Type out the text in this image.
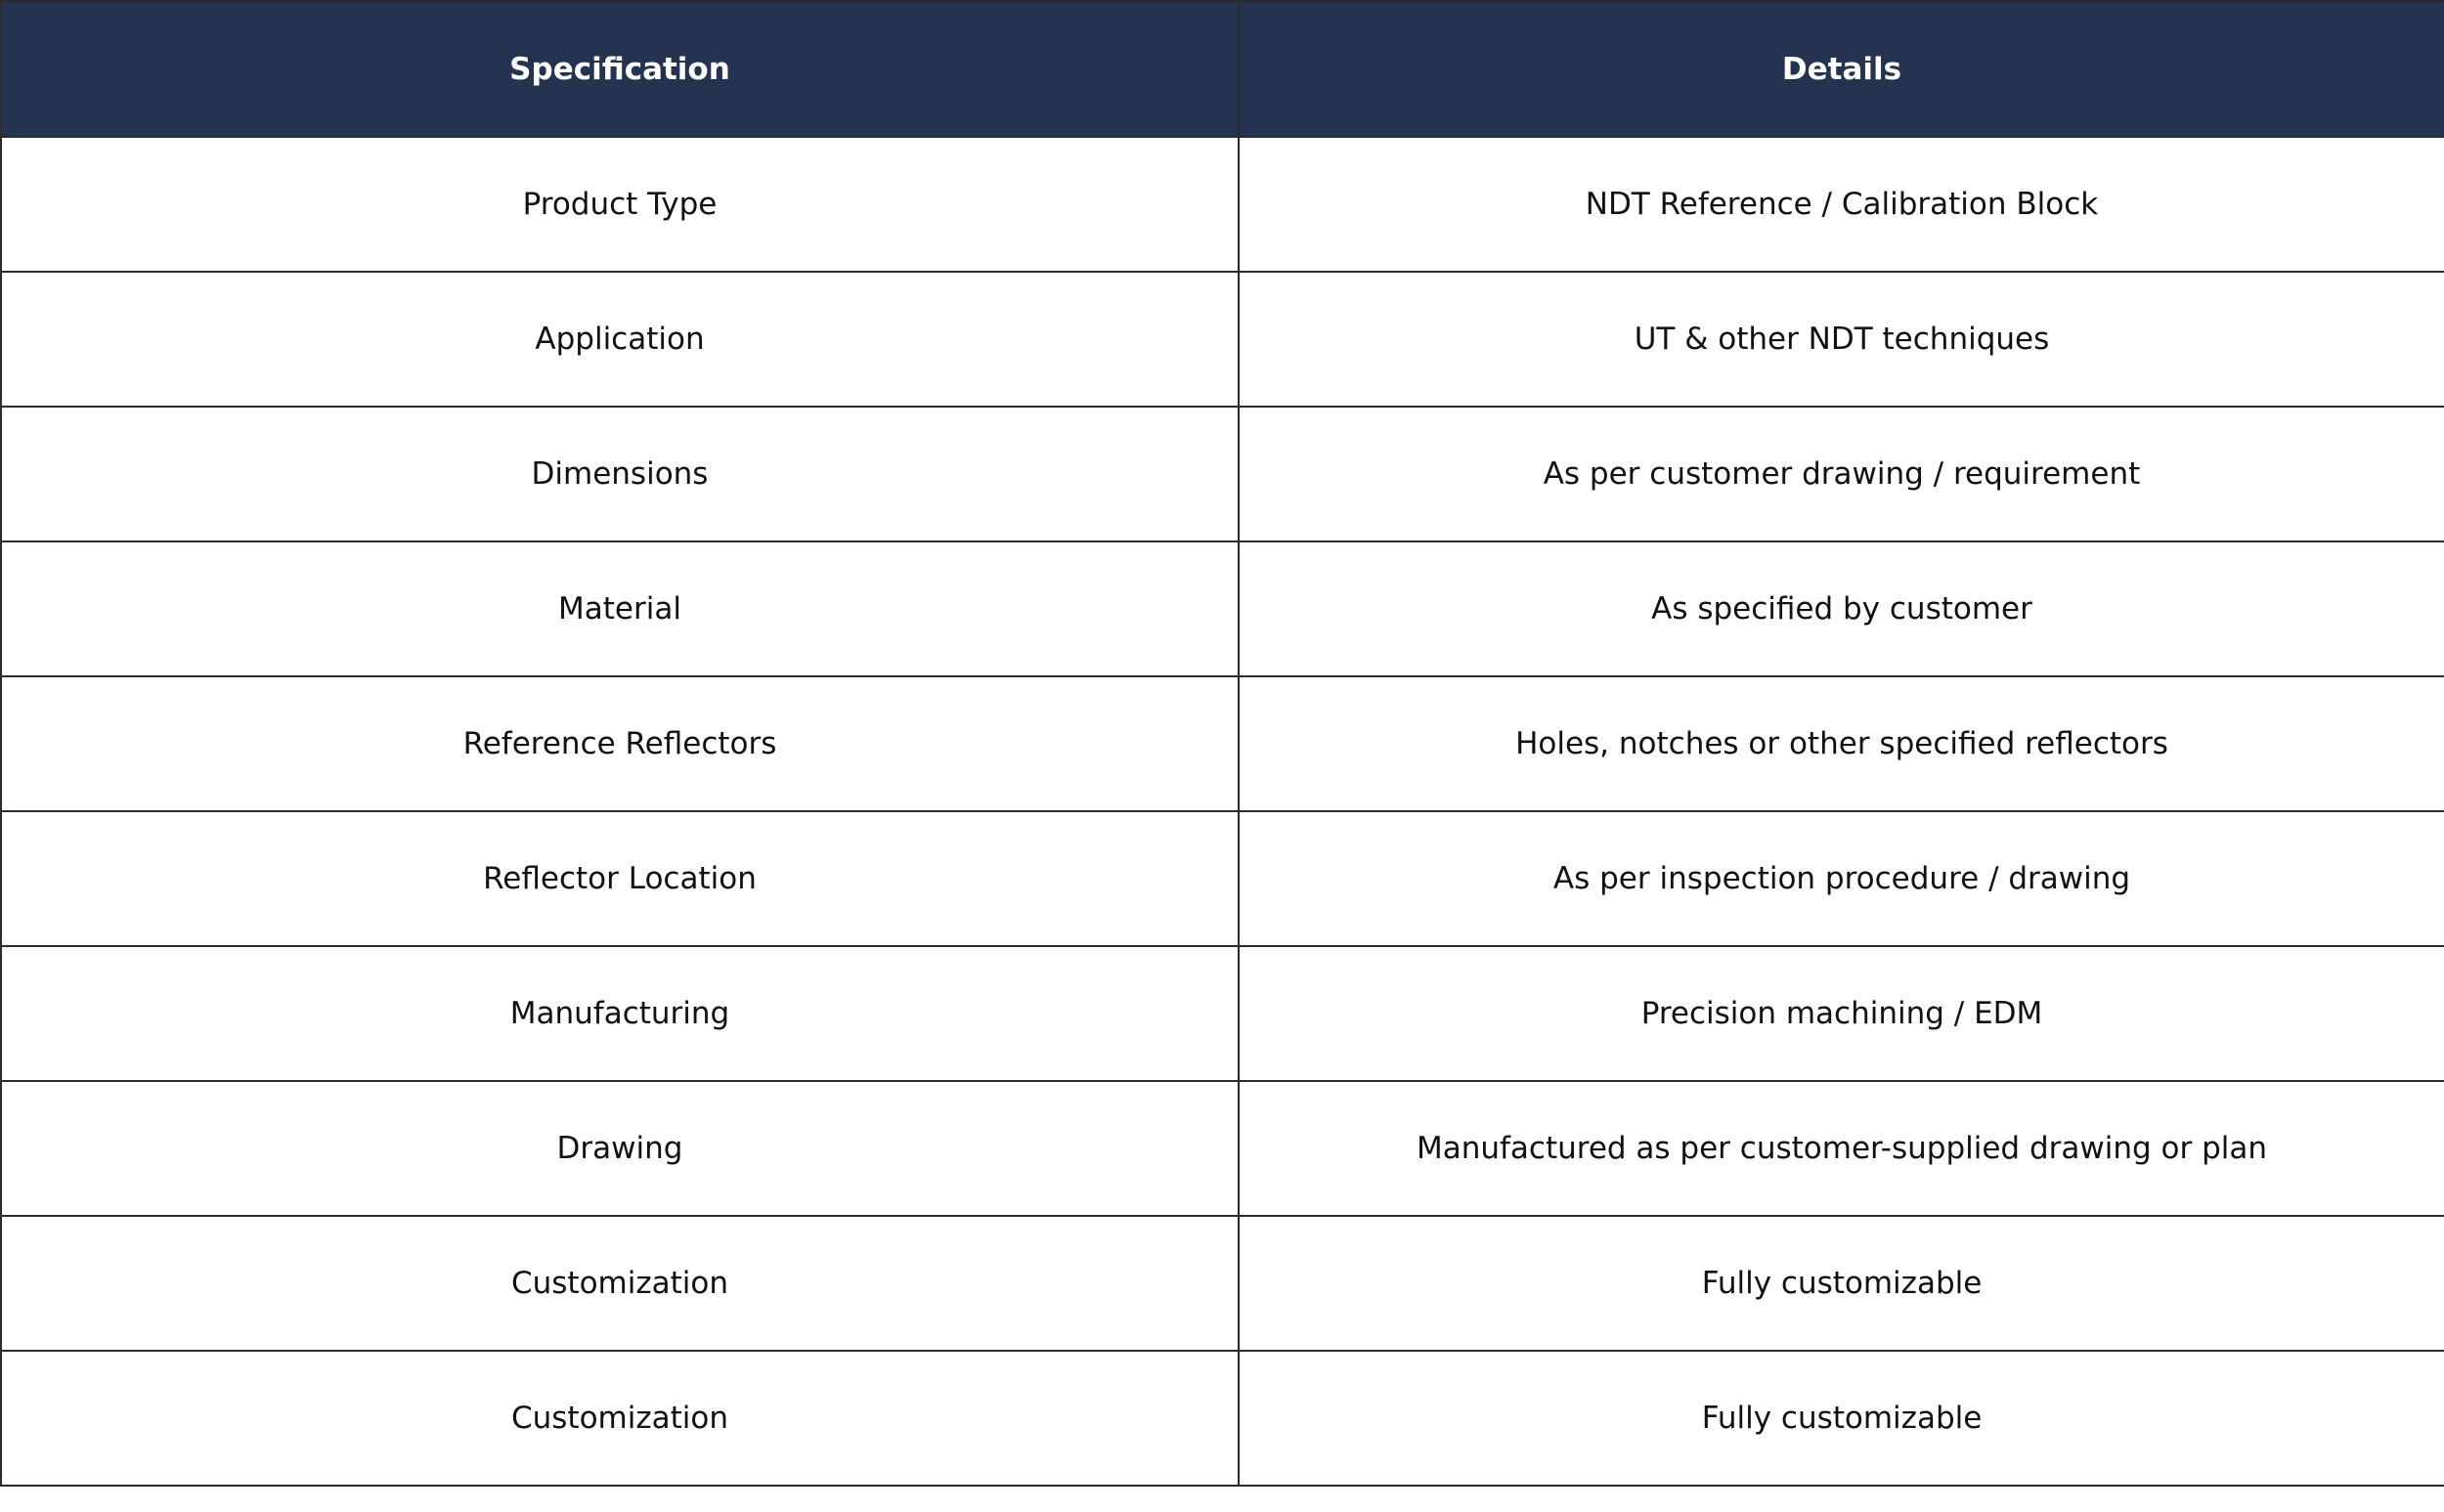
Specification	Details
Product Type	NDT Reference / Calibration Block
Application	UT & other NDT techniques
Dimensions	As per customer drawing / requirement
Material	As specified by customer
Reference Reflectors	Holes, notches or other specified reflectors
Reflector Location	As per inspection procedure / drawing
Manufacturing	Precision machining / EDM
Drawing	Manufactured as per customer-supplied drawing or plan
Customization	Fully customizable
Customization	Fully customizable
